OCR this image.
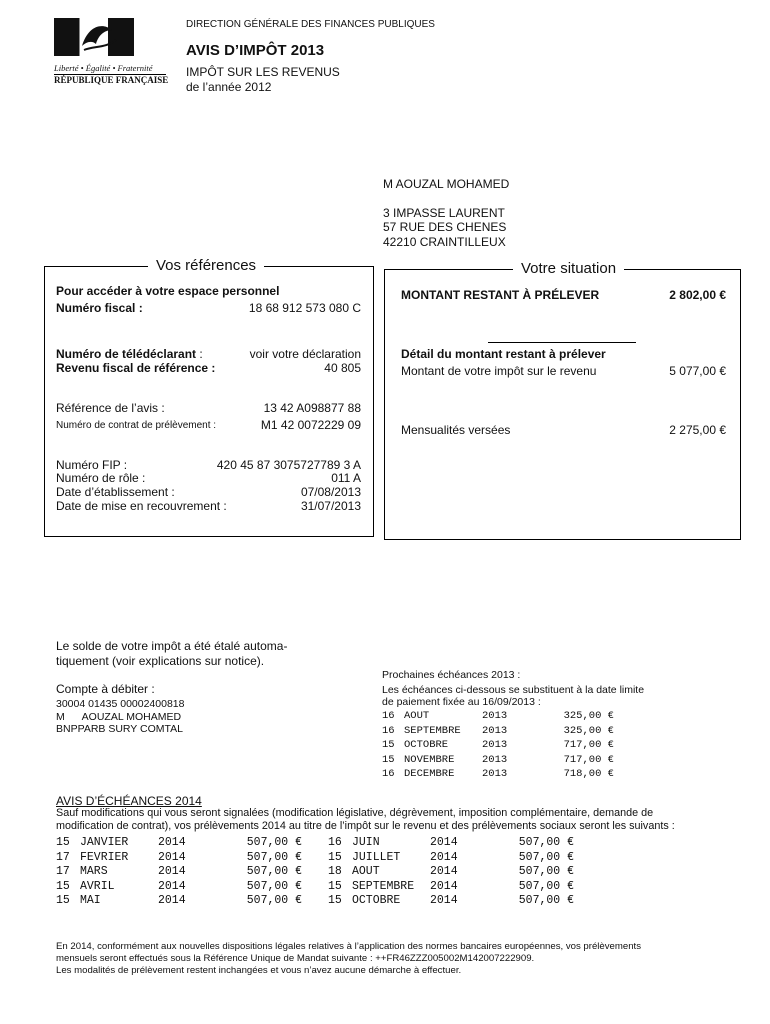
Liberté • Égalité • Fraternité
RÉPUBLIQUE FRANÇAISE
DIRECTION GÉNÉRALE DES FINANCES PUBLIQUES
AVIS D’IMPÔT 2013
IMPÔT SUR LES REVENUS
de l’année 2012
M AOUZAL MOHAMED
3 IMPASSE LAURENT
57 RUE DES CHENES
42210 CRAINTILLEUX
Vos références
Pour accéder à votre espace personnel
Numéro fiscal :	18 68 912 573 080 C
Numéro de télédéclarant :	voir votre déclaration
Revenu fiscal de référence :	40 805
Référence de l’avis :	13 42 A098877 88
Numéro de contrat de prélèvement :	M1 42 0072229 09
Numéro FIP :	420 45 87 3075727789 3 A
Numéro de rôle :	011 A
Date d’établissement :	07/08/2013
Date de mise en recouvrement :	31/07/2013
Votre situation
MONTANT RESTANT À PRÉLEVER	2 802,00 €
Détail du montant restant à prélever
Montant de votre impôt sur le revenu	5 077,00 €
Mensualités versées	2 275,00 €
Le solde de votre impôt a été étalé automa-
tiquement (voir explications sur notice).
Compte à débiter :
30004 01435 00002400818
M      AOUZAL MOHAMED
BNPPARB SURY COMTAL
Prochaines échéances 2013 :
Les échéances ci-dessous se substituent à la date limite
de paiement fixée au 16/09/2013 :
16 AOUT	2013	325,00 €
16 SEPTEMBRE 2013	325,00 €
15 OCTOBRE	2013	717,00 €
15 NOVEMBRE	2013	717,00 €
16 DECEMBRE	2013	718,00 €
AVIS D’ÉCHÉANCES 2014
Sauf modifications qui vous seront signalées (modification législative, dégrèvement, imposition complémentaire, demande de
modification de contrat), vos prélèvements 2014 au titre de l’impôt sur le revenu et des prélèvements sociaux seront les suivants :
15 JANVIER	2014	507,00 €
17 FEVRIER	2014	507,00 €
17 MARS	2014	507,00 €
15 AVRIL	2014	507,00 €
15 MAI	2014	507,00 €
16 JUIN	2014	507,00 €
15 JUILLET	2014	507,00 €
18 AOUT	2014	507,00 €
15 SEPTEMBRE 2014	507,00 €
15 OCTOBRE	2014	507,00 €
En 2014, conformément aux nouvelles dispositions légales relatives à l’application des normes bancaires européennes, vos prélèvements
mensuels seront effectués sous la Référence Unique de Mandat suivante : ++FR46ZZZ005002M142007222909.
Les modalités de prélèvement restent inchangées et vous n’avez aucune démarche à effectuer.
